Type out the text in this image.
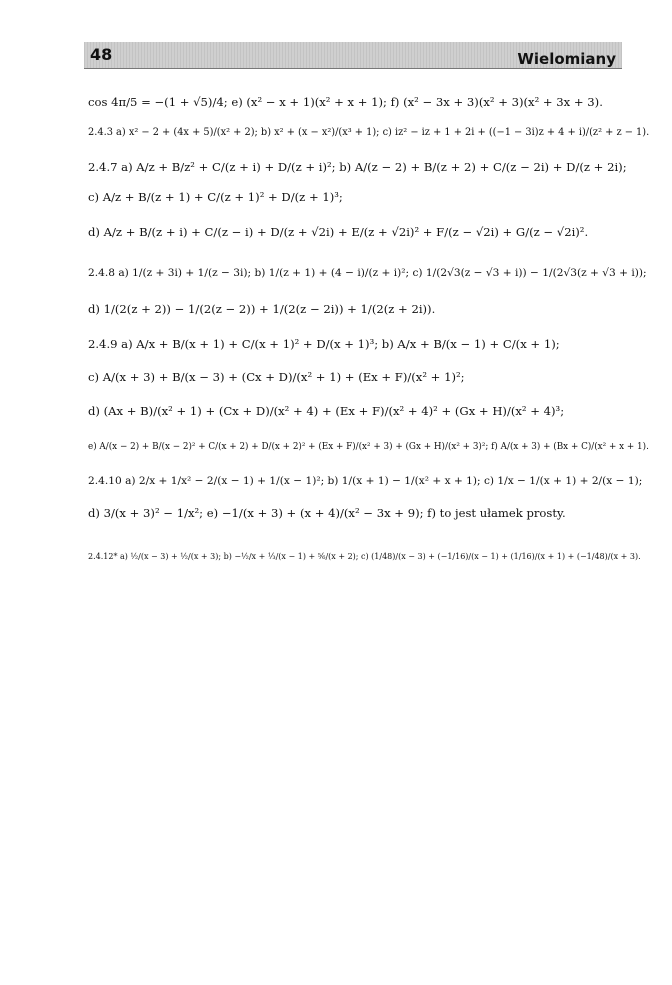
48	Wielomiany
cos 4π/5 = −(1 + √5)/4; e) (x² − x + 1)(x² + x + 1); f) (x² − 3x + 3)(x² + 3)(x² + 3x + 3).
2.4.3 a) x² − 2 + (4x + 5)/(x² + 2); b) x² + (x − x²)/(x³ + 1); c) iz² − iz + 1 + 2i + ((−1 − 3i)z + 4 + i)/(z² + z − 1).
2.4.7 a) A/z + B/z² + C/(z + i) + D/(z + i)²; b) A/(z − 2) + B/(z + 2) + C/(z − 2i) + D/(z + 2i);
c) A/z + B/(z + 1) + C/(z + 1)² + D/(z + 1)³;
d) A/z + B/(z + i) + C/(z − i) + D/(z + √2i) + E/(z + √2i)² + F/(z − √2i) + G/(z − √2i)².
2.4.8 a) 1/(z + 3i) + 1/(z − 3i); b) 1/(z + 1) + (4 − i)/(z + i)²; c) 1/(2√3(z − √3 + i)) − 1/(2√3(z + √3 + i));
d) 1/(2(z + 2)) − 1/(2(z − 2)) + 1/(2(z − 2i)) + 1/(2(z + 2i)).
2.4.9 a) A/x + B/(x + 1) + C/(x + 1)² + D/(x + 1)³; b) A/x + B/(x − 1) + C/(x + 1);
c) A/(x + 3) + B/(x − 3) + (Cx + D)/(x² + 1) + (Ex + F)/(x² + 1)²;
d) (Ax + B)/(x² + 1) + (Cx + D)/(x² + 4) + (Ex + F)/(x² + 4)² + (Gx + H)/(x² + 4)³;
e) A/(x − 2) + B/(x − 2)² + C/(x + 2) + D/(x + 2)² + (Ex + F)/(x² + 3) + (Gx + H)/(x² + 3)²; f) A/(x + 3) + (Bx + C)/(x² + x + 1).
2.4.10 a) 2/x + 1/x² − 2/(x − 1) + 1/(x − 1)²; b) 1/(x + 1) − 1/(x² + x + 1); c) 1/x − 1/(x + 1) + 2/(x − 1);
d) 3/(x + 3)² − 1/x²; e) −1/(x + 3) + (x + 4)/(x² − 3x + 9); f) to jest ułamek prosty.
2.4.12* a) ½/(x − 3) + ½/(x + 3); b) −½/x + ⅓/(x − 1) + ⁵⁄₆/(x + 2); c) (1/48)/(x − 3) + (−1/16)/(x − 1) + (1/16)/(x + 1) + (−1/48)/(x + 3).
